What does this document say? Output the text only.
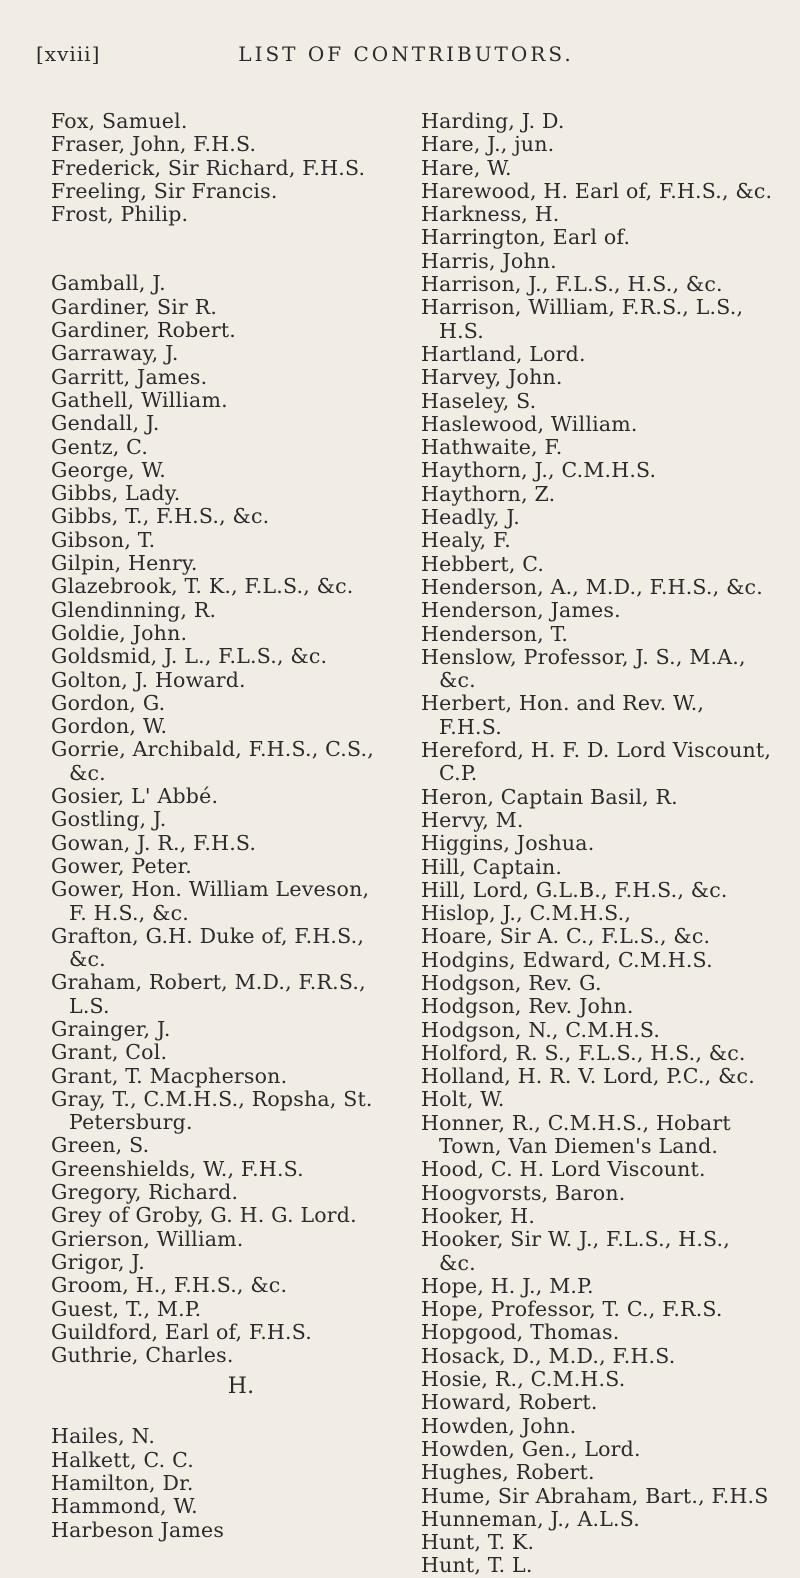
[xviii]	LIST OF CONTRIBUTORS.
Fox, Samuel.
Fraser, John, F.H.S.
Frederick, Sir Richard, F.H.S.
Freeling, Sir Francis.
Frost, Philip.
Gamball, J.
Gardiner, Sir R.
Gardiner, Robert.
Garraway, J.
Garritt, James.
Gathell, William.
Gendall, J.
Gentz, C.
George, W.
Gibbs, Lady.
Gibbs, T., F.H.S., &c.
Gibson, T.
Gilpin, Henry.
Glazebrook, T. K., F.L.S., &c.
Glendinning, R.
Goldie, John.
Goldsmid, J. L., F.L.S., &c.
Golton, J. Howard.
Gordon, G.
Gordon, W.
Gorrie, Archibald, F.H.S., C.S., &c.
Gosier, L' Abbé.
Gostling, J.
Gowan, J. R., F.H.S.
Gower, Peter.
Gower, Hon. William Leveson, F. H.S., &c.
Grafton, G.H. Duke of, F.H.S., &c.
Graham, Robert, M.D., F.R.S., L.S.
Grainger, J.
Grant, Col.
Grant, T. Macpherson.
Gray, T., C.M.H.S., Ropsha, St. Petersburg.
Green, S.
Greenshields, W., F.H.S.
Gregory, Richard.
Grey of Groby, G. H. G. Lord.
Grierson, William.
Grigor, J.
Groom, H., F.H.S., &c.
Guest, T., M.P.
Guildford, Earl of, F.H.S.
Guthrie, Charles.
H.
Hailes, N.
Halkett, C. C.
Hamilton, Dr.
Hammond, W.
Harbeson James
Harding, J. D.
Hare, J., jun.
Hare, W.
Harewood, H. Earl of, F.H.S., &c.
Harkness, H.
Harrington, Earl of.
Harris, John.
Harrison, J., F.L.S., H.S., &c.
Harrison, William, F.R.S., L.S., H.S.
Hartland, Lord.
Harvey, John.
Haseley, S.
Haslewood, William.
Hathwaite, F.
Haythorn, J., C.M.H.S.
Haythorn, Z.
Headly, J.
Healy, F.
Hebbert, C.
Henderson, A., M.D., F.H.S., &c.
Henderson, James.
Henderson, T.
Henslow, Professor, J. S., M.A., &c.
Herbert, Hon. and Rev. W., F.H.S.
Hereford, H. F. D. Lord Viscount, C.P.
Heron, Captain Basil, R.
Hervy, M.
Higgins, Joshua.
Hill, Captain.
Hill, Lord, G.L.B., F.H.S., &c.
Hislop, J., C.M.H.S.,
Hoare, Sir A. C., F.L.S., &c.
Hodgins, Edward, C.M.H.S.
Hodgson, Rev. G.
Hodgson, Rev. John.
Hodgson, N., C.M.H.S.
Holford, R. S., F.L.S., H.S., &c.
Holland, H. R. V. Lord, P.C., &c.
Holt, W.
Honner, R., C.M.H.S., Hobart Town, Van Diemen's Land.
Hood, C. H. Lord Viscount.
Hoogvorsts, Baron.
Hooker, H.
Hooker, Sir W. J., F.L.S., H.S., &c.
Hope, H. J., M.P.
Hope, Professor, T. C., F.R.S.
Hopgood, Thomas.
Hosack, D., M.D., F.H.S.
Hosie, R., C.M.H.S.
Howard, Robert.
Howden, John.
Howden, Gen., Lord.
Hughes, Robert.
Hume, Sir Abraham, Bart., F.H.S
Hunneman, J., A.L.S.
Hunt, T. K.
Hunt, T. L.
